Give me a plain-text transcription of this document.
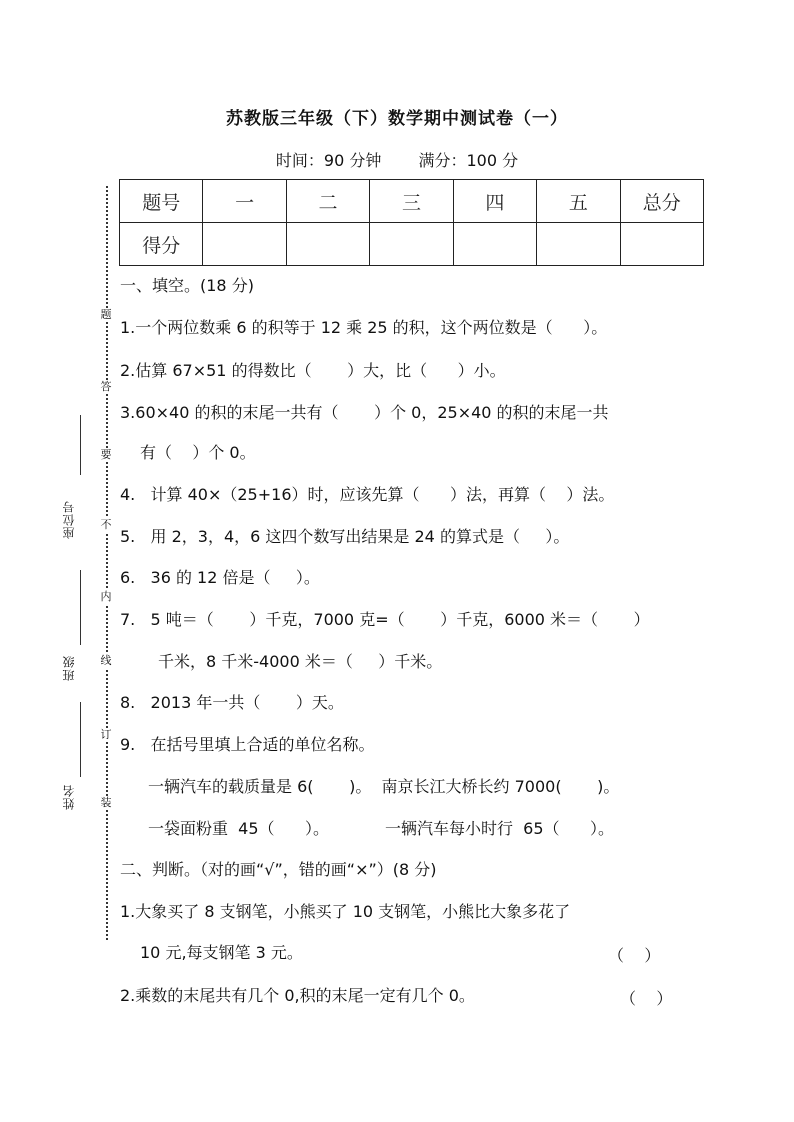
苏教版三年级（下）数学期中测试卷（一）
时间：90 分钟 满分：100 分
题号	一	二	三	四	五	总分
得分						
题
答
要
不
内
线
订
装
座位号
班级
姓名
一、填空。(18 分)
1.一个两位数乘 6 的积等于 12 乘 25 的积，这个两位数是（      ）。
2.估算 67×51 的得数比（       ）大，比（      ）小。
3.60×40 的积的末尾一共有（       ）个 0，25×40 的积的末尾一共
有（    ）个 0。
4.   计算 40×（25+16）时，应该先算（      ）法，再算（    ）法。
5.   用 2，3，4，6 这四个数写出结果是 24 的算式是（     ）。
6.   36 的 12 倍是（     ）。
7.   5 吨＝（       ）千克，7000 克=（       ）千克，6000 米＝（       ）
千米，8 千米-4000 米＝（     ）千米。
8.   2013 年一共（       ）天。
9.   在括号里填上合适的单位名称。
一辆汽车的载质量是 6(       )。  南京长江大桥长约 7000(       )。
一袋面粉重  45（      ）。           一辆汽车每小时行  65（      ）。
二、判断。（对的画“√”，错的画“×”）(8 分)
1.大象买了 8 支钢笔，小熊买了 10 支钢笔，小熊比大象多花了
10 元,每支钢笔 3 元。	（    ）
2.乘数的末尾共有几个 0,积的末尾一定有几个 0。	（    ）
